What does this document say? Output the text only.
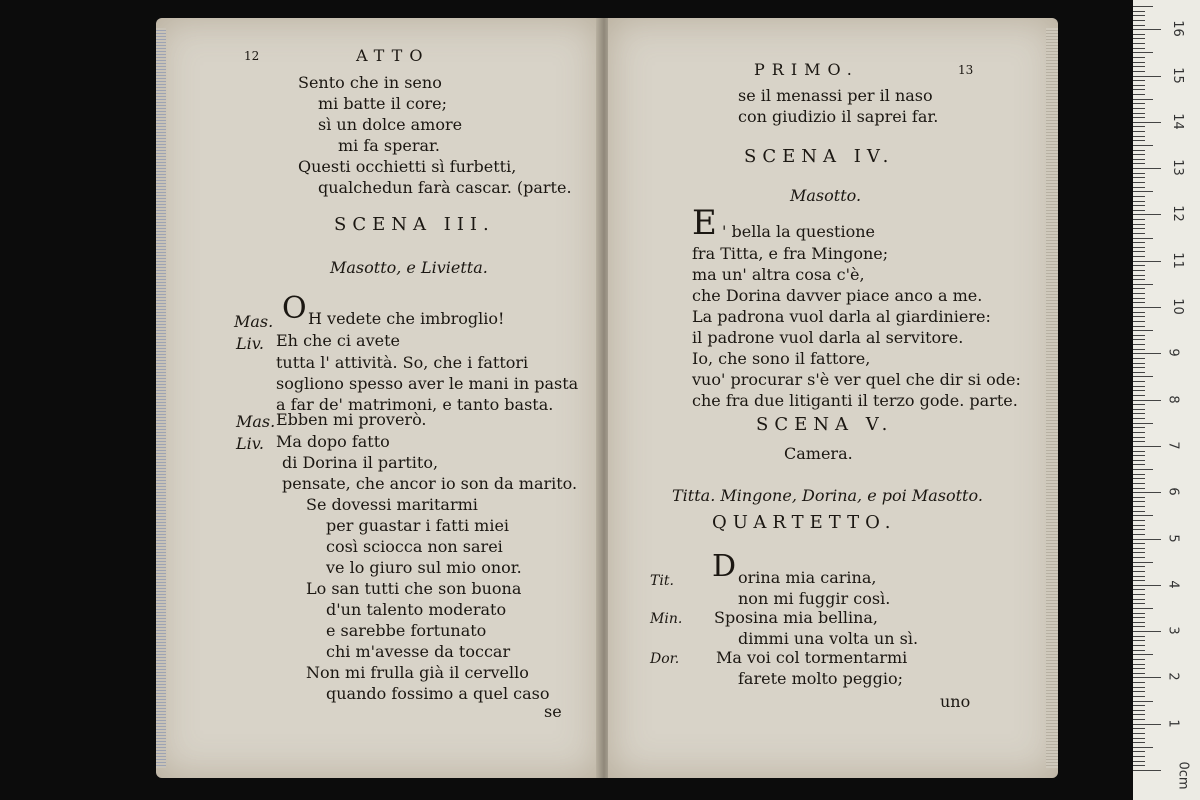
12	ATTO
Sento che in seno
mi batte il core;
sì un dolce amore
mi fa sperar.
Questi occhietti sì furbetti,
qualchedun farà cascar. (parte.
SCENA III.
Masotto, e Livietta.
Mas. O H vedete che imbroglio!
Liv. Eh che ci avete
tutta l' attività. So, che i fattori
sogliono spesso aver le mani in pasta
a far de' matrimoni, e tanto basta.
Mas. Ebben mi proverò.
Liv. Ma dopo fatto
di Dorina il partito,
pensate, che ancor io son da marito.
Se dovessi maritarmi
per guastar i fatti miei
così sciocca non sarei
ve lo giuro sul mio onor.
Lo san tutti che son buona
d'un talento moderato
e sarebbe fortunato
chi m'avesse da toccar
Non mi frulla già il cervello
quando fossimo a quel caso
se
PRIMO.	13
se il menassi per il naso
con giudizio il saprei far.
SCENA IV.
Masotto.
E ' bella la questione
fra Titta, e fra Mingone;
ma un' altra cosa c'è,
che Dorina davver piace anco a me.
La padrona vuol darla al giardiniere:
il padrone vuol darla al servitore.
Io, che sono il fattore,
vuo' procurar s'è ver quel che dir si ode:
che fra due litiganti il terzo gode. parte.
SCENA V.
Camera.
Titta. Mingone, Dorina, e poi Masotto.
QUARTETTO.
Tit. D orina mia carina,
non mi fuggir così.
Min. Sposina mia bellina,
dimmi una volta un sì.
Dor. Ma voi col tormentarmi
farete molto peggio;
uno
0cm
1
2
3
4
5
6
7
8
9
10
11
12
13
14
15
16
